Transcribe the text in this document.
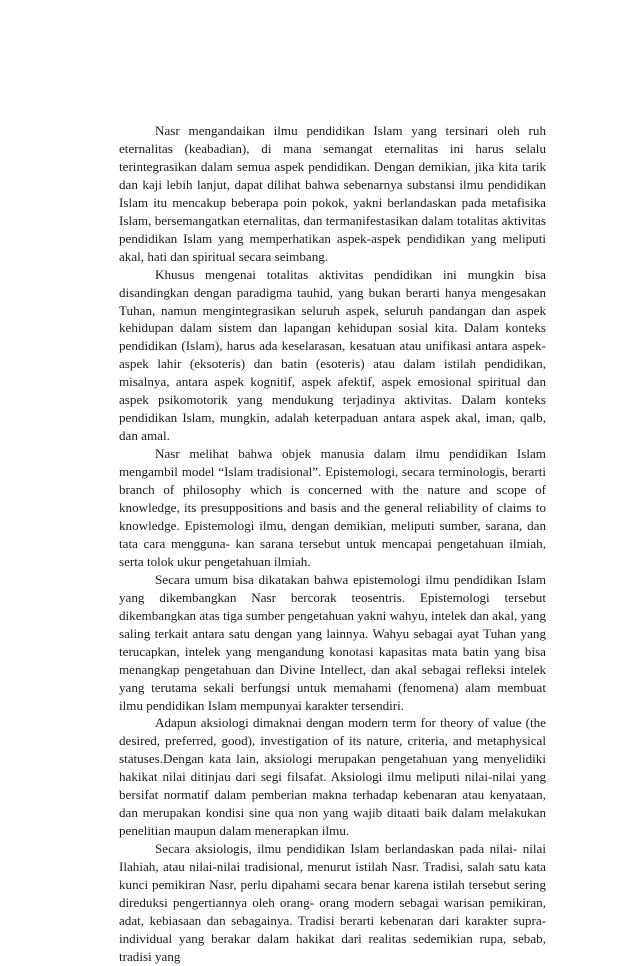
Nasr mengandaikan ilmu pendidikan Islam yang tersinari oleh ruh eternalitas (keabadian), di mana semangat eternalitas ini harus selalu terintegrasikan dalam semua aspek pendidikan. Dengan demikian, jika kita tarik dan kaji lebih lanjut, dapat dilihat bahwa sebenarnya substansi ilmu pendidikan Islam itu mencakup beberapa poin pokok, yakni berlandaskan pada metafisika Islam, bersemangatkan eternalitas, dan termanifestasikan dalam totalitas aktivitas pendidikan Islam yang memperhatikan aspek-aspek pendidikan yang meliputi akal, hati dan spiritual secara seimbang.

Khusus mengenai totalitas aktivitas pendidikan ini mungkin bisa disandingkan dengan paradigma tauhid, yang bukan berarti hanya mengesakan Tuhan, namun mengintegrasikan seluruh aspek, seluruh pandangan dan aspek kehidupan dalam sistem dan lapangan kehidupan sosial kita. Dalam konteks pendidikan (Islam), harus ada keselarasan, kesatuan atau unifikasi antara aspek-aspek lahir (eksoteris) dan batin (esoteris) atau dalam istilah pendidikan, misalnya, antara aspek kognitif, aspek afektif, aspek emosional spiritual dan aspek psikomotorik yang mendukung terjadinya aktivitas. Dalam konteks pendidikan Islam, mungkin, adalah keterpaduan antara aspek akal, iman, qalb, dan amal.

Nasr melihat bahwa objek manusia dalam ilmu pendidikan Islam mengambil model “Islam tradisional”. Epistemologi, secara terminologis, berarti branch of philosophy which is concerned with the nature and scope of knowledge, its presuppositions and basis and the general reliability of claims to knowledge. Epistemologi ilmu, dengan demikian, meliputi sumber, sarana, dan tata cara mengguna- kan sarana tersebut untuk mencapai pengetahuan ilmiah, serta tolok ukur pengetahuan ilmiah.

Secara umum bisa dikatakan bahwa epistemologi ilmu pendidikan Islam yang dikembangkan Nasr bercorak teosentris. Epistemologi tersebut dikembangkan atas tiga sumber pengetahuan yakni wahyu, intelek dan akal, yang saling terkait antara satu dengan yang lainnya. Wahyu sebagai ayat Tuhan yang terucapkan, intelek yang mengandung konotasi kapasitas mata batin yang bisa menangkap pengetahuan dan Divine Intellect, dan akal sebagai refleksi intelek yang terutama sekali berfungsi untuk memahami (fenomena) alam membuat ilmu pendidikan Islam mempunyai karakter tersendiri.

Adapun aksiologi dimaknai dengan modern term for theory of value (the desired, preferred, good), investigation of its nature, criteria, and metaphysical statuses.Dengan kata lain, aksiologi merupakan pengetahuan yang menyelidiki hakikat nilai ditinjau dari segi filsafat. Aksiologi ilmu meliputi nilai-nilai yang bersifat normatif dalam pemberian makna terhadap kebenaran atau kenyataan, dan merupakan kondisi sine qua non yang wajib ditaati baik dalam melakukan penelitian maupun dalam menerapkan ilmu.

Secara aksiologis, ilmu pendidikan Islam berlandaskan pada nilai- nilai Ilahiah, atau nilai-nilai tradisional, menurut istilah Nasr. Tradisi, salah satu kata kunci pemikiran Nasr, perlu dipahami secara benar karena istilah tersebut sering direduksi pengertiannya oleh orang- orang modern sebagai warisan pemikiran, adat, kebiasaan dan sebagainya. Tradisi berarti kebenaran dari karakter supra-individual yang berakar dalam hakikat dari realitas sedemikian rupa, sebab, tradisi yang
